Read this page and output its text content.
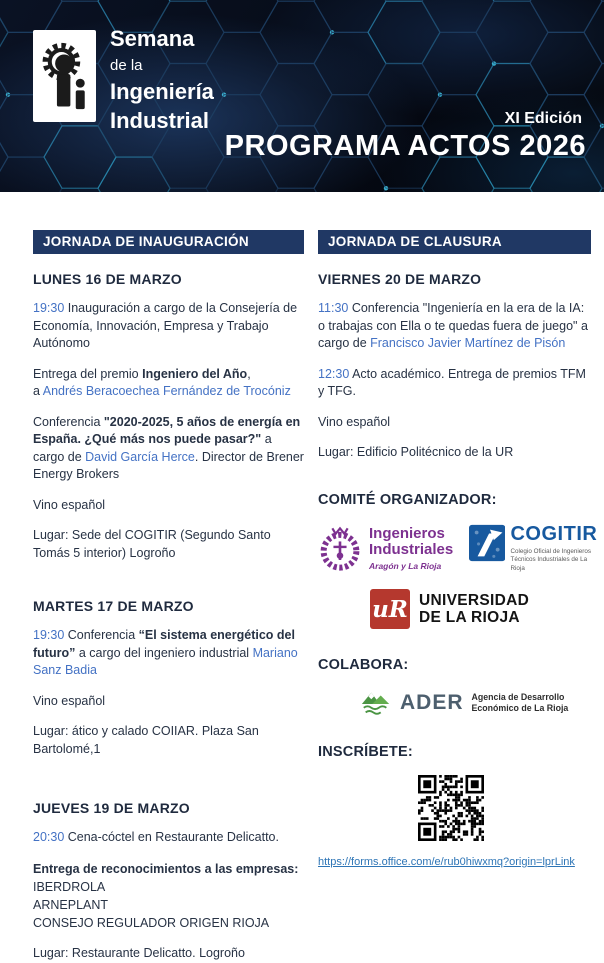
Semana
de la
Ingeniería
Industrial	XI Edición
PROGRAMA ACTOS 2026
JORNADA DE INAUGURACIÓN
LUNES 16 DE MARZO

19:30 Inauguración a cargo de la Consejería de Economía, Innovación, Empresa y Trabajo Autónomo

Entrega del premio Ingeniero del Año,
a Andrés Beracoechea Fernández de Trocóniz

Conferencia "2020-2025, 5 años de energía en España. ¿Qué más nos puede pasar?" a cargo de David García Herce. Director de Brener Energy Brokers

Vino español

Lugar: Sede del COGITIR (Segundo Santo Tomás 5 interior) Logroño

MARTES 17 DE MARZO

19:30 Conferencia “El sistema energético del futuro” a cargo del ingeniero industrial Mariano Sanz Badia

Vino español

Lugar: ático y calado COIIAR. Plaza San Bartolomé,1

JUEVES 19 DE MARZO

20:30 Cena-cóctel en Restaurante Delicatto.

Entrega de reconocimientos a las empresas:
IBERDROLA
ARNEPLANT
CONSEJO REGULADOR ORIGEN RIOJA

Lugar: Restaurante Delicatto. Logroño

JORNADA DE CLAUSURA
VIERNES 20 DE MARZO

11:30 Conferencia "Ingeniería en la era de la IA: o trabajas con Ella o te quedas fuera de juego" a cargo de Francisco Javier Martínez de Pisón

12:30 Acto académico. Entrega de premios TFM y TFG.

Vino español

Lugar: Edificio Politécnico de la UR

COMITÉ ORGANIZADOR:
Ingenieros
Industriales
Aragón y La Rioja
COGITIR
Colegio Oficial de Ingenieros
Técnicos Industriales de La Rioja
uR UNIVERSIDAD
DE LA RIOJA
COLABORA:
ADER Agencia de Desarrollo
Económico de La Rioja
INSCRÍBETE:
https://forms.office.com/e/rub0hiwxmq?origin=lprLink
